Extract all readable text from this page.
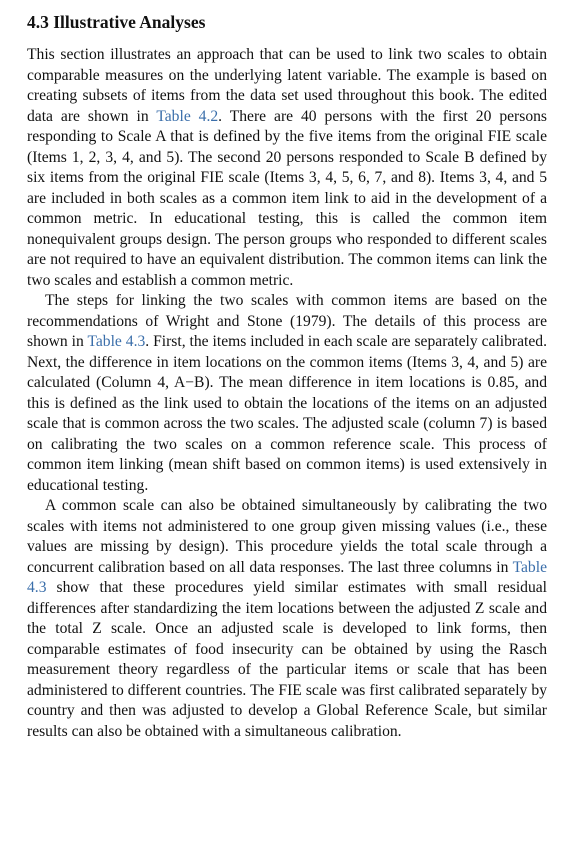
4.3 Illustrative Analyses

This section illustrates an approach that can be used to link two scales to obtain comparable measures on the underlying latent variable. The example is based on creating subsets of items from the data set used throughout this book. The edited data are shown in Table 4.2. There are 40 persons with the first 20 persons responding to Scale A that is defined by the five items from the original FIE scale (Items 1, 2, 3, 4, and 5). The second 20 persons responded to Scale B defined by six items from the original FIE scale (Items 3, 4, 5, 6, 7, and 8). Items 3, 4, and 5 are included in both scales as a common item link to aid in the development of a common metric. In educational testing, this is called the common item nonequivalent groups design. The person groups who responded to different scales are not required to have an equivalent distribution. The common items can link the two scales and establish a common metric.

The steps for linking the two scales with common items are based on the recommendations of Wright and Stone (1979). The details of this process are shown in Table 4.3. First, the items included in each scale are separately calibrated. Next, the difference in item locations on the common items (Items 3, 4, and 5) are calculated (Column 4, A−B). The mean difference in item locations is 0.85, and this is defined as the link used to obtain the locations of the items on an adjusted scale that is common across the two scales. The adjusted scale (column 7) is based on calibrating the two scales on a common reference scale. This process of common item linking (mean shift based on common items) is used extensively in educational testing.

A common scale can also be obtained simultaneously by calibrating the two scales with items not administered to one group given missing values (i.e., these values are missing by design). This procedure yields the total scale through a concurrent calibration based on all data responses. The last three columns in Table 4.3 show that these procedures yield similar estimates with small residual differences after standardizing the item locations between the adjusted Z scale and the total Z scale. Once an adjusted scale is developed to link forms, then comparable estimates of food insecurity can be obtained by using the Rasch measurement theory regardless of the particular items or scale that has been administered to different countries. The FIE scale was first calibrated separately by country and then was adjusted to develop a Global Reference Scale, but similar results can also be obtained with a simultaneous calibration.
